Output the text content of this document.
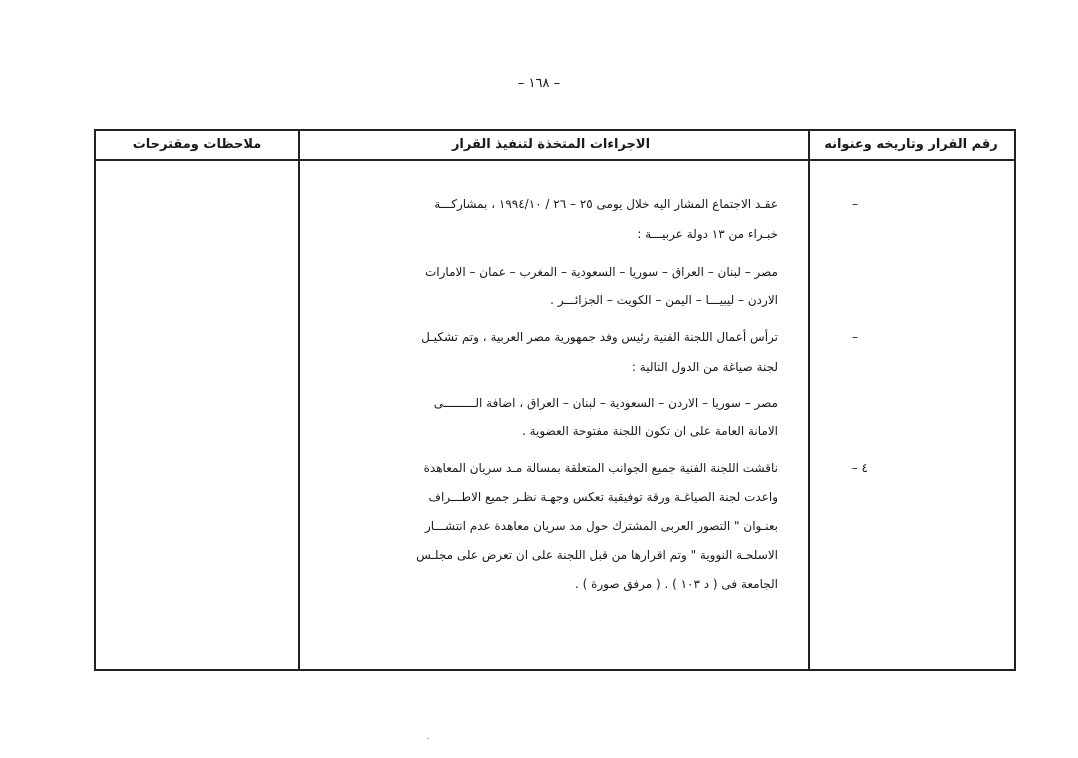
– ١٦٨ –
رقم القرار وتاريخه وعنوانه
الاجراءات المتخذة لتنفيذ القرار
ملاحظات ومقترحات
–
عقـد الاجتماع المشار اليه خلال يومى ٢٥ – ٢٦ / ١٩٩٤/١٠ ، بمشاركـــة
خبـراء من ١٣ دولة عربيـــة :
مصر – لبنان – العراق – سوريا – السعودية – المغرب – عمان – الامارات
الاردن – ليبيـــا – اليمن – الكويت – الجزائـــر .
–
ترأس أعمال اللجنة الفنية رئيس وفد جمهورية مصر العربية ، وتم تشكيـل
لجنة صياغة من الدول التالية :
مصر – سوريا – الاردن – السعودية – لبنان – العراق ، اضافة الـــــــــى
الامانة العامة على ان تكون اللجنة مفتوحة العضوية .
٤ –
ناقشت اللجنة الفنية جميع الجوانب المتعلقة بمسالة مـد سريان المعاهدة
واعدت لجنة الصياغـة ورقة توفيقية تعكس وجهـة نظـر جميع الاطـــراف
بعنـوان " التصور العربى المشترك حول مد سريان معاهدة عدم انتشـــار
الاسلحـة النووية " وتم اقرارها من قبل اللجنة على ان تعرض على مجلـس
الجامعة فى ( د ١٠٣ ) . ( مرفق صورة ) .
